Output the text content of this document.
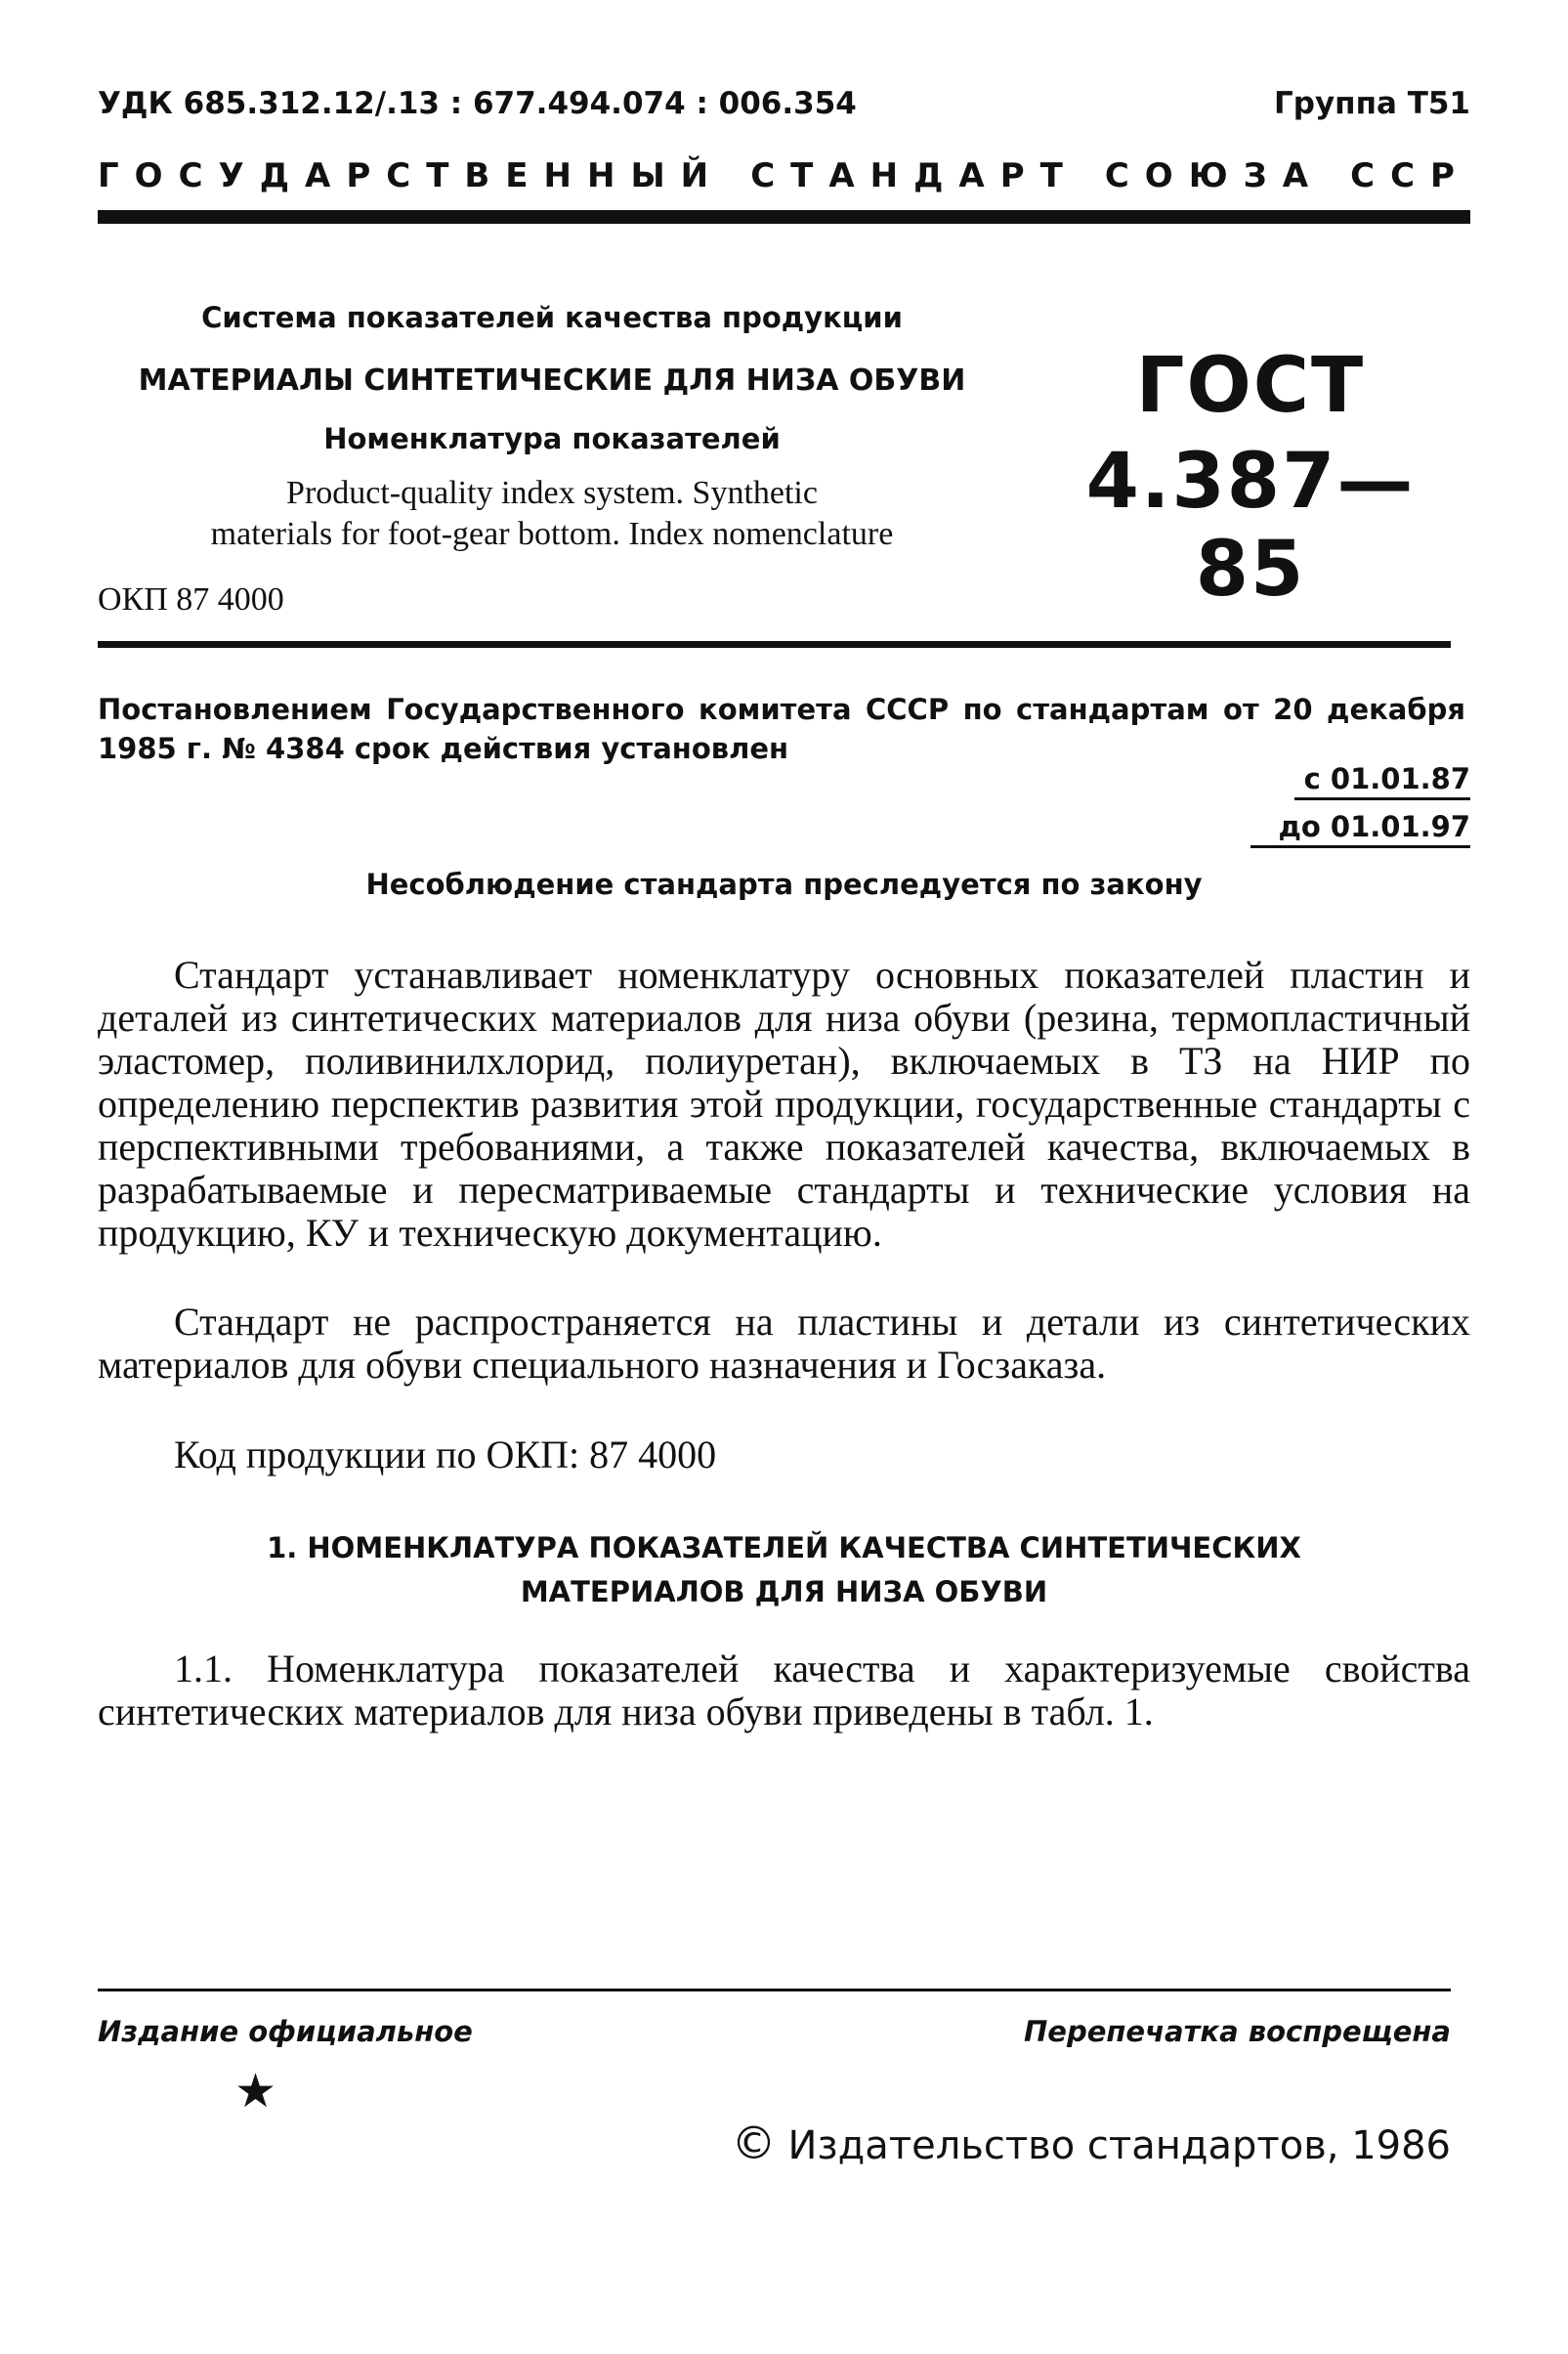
УДК 685.312.12/.13 : 677.494.074 : 006.354	Группа Т51
ГОСУДАРСТВЕННЫЙ СТАНДАРТ СОЮЗА ССР
Система показателей качества продукции
МАТЕРИАЛЫ СИНТЕТИЧЕСКИЕ ДЛЯ НИЗА ОБУВИ
Номенклатура показателей
Product-quality index system. Synthetic
materials for foot-gear bottom. Index nomenclature
ГОСТ
4.387—85
ОКП 87 4000
Постановлением Государственного комитета СССР по стандартам от 20 декабря 1985 г. № 4384 срок действия установлен
с 01.01.87
до 01.01.97
Несоблюдение стандарта преследуется по закону
Стандарт устанавливает номенклатуру основных показателей пластин и деталей из синтетических материалов для низа обуви (резина, термопластичный эластомер, поливинилхлорид, полиуретан), включаемых в ТЗ на НИР по определению перспектив развития этой продукции, государственные стандарты с перспективными требованиями, а также показателей качества, включаемых в разрабатываемые и пересматриваемые стандарты и технические условия на продукцию, КУ и техническую документацию.
Стандарт не распространяется на пластины и детали из синтетических материалов для обуви специального назначения и Госзаказа.
Код продукции по ОКП: 87 4000
1. НОМЕНКЛАТУРА ПОКАЗАТЕЛЕЙ КАЧЕСТВА СИНТЕТИЧЕСКИХ
МАТЕРИАЛОВ ДЛЯ НИЗА ОБУВИ
1.1. Номенклатура показателей качества и характеризуемые свойства синтетических материалов для низа обуви приведены в табл. 1.
Издание официальное	Перепечатка воспрещена
★
© Издательство стандартов, 1986
